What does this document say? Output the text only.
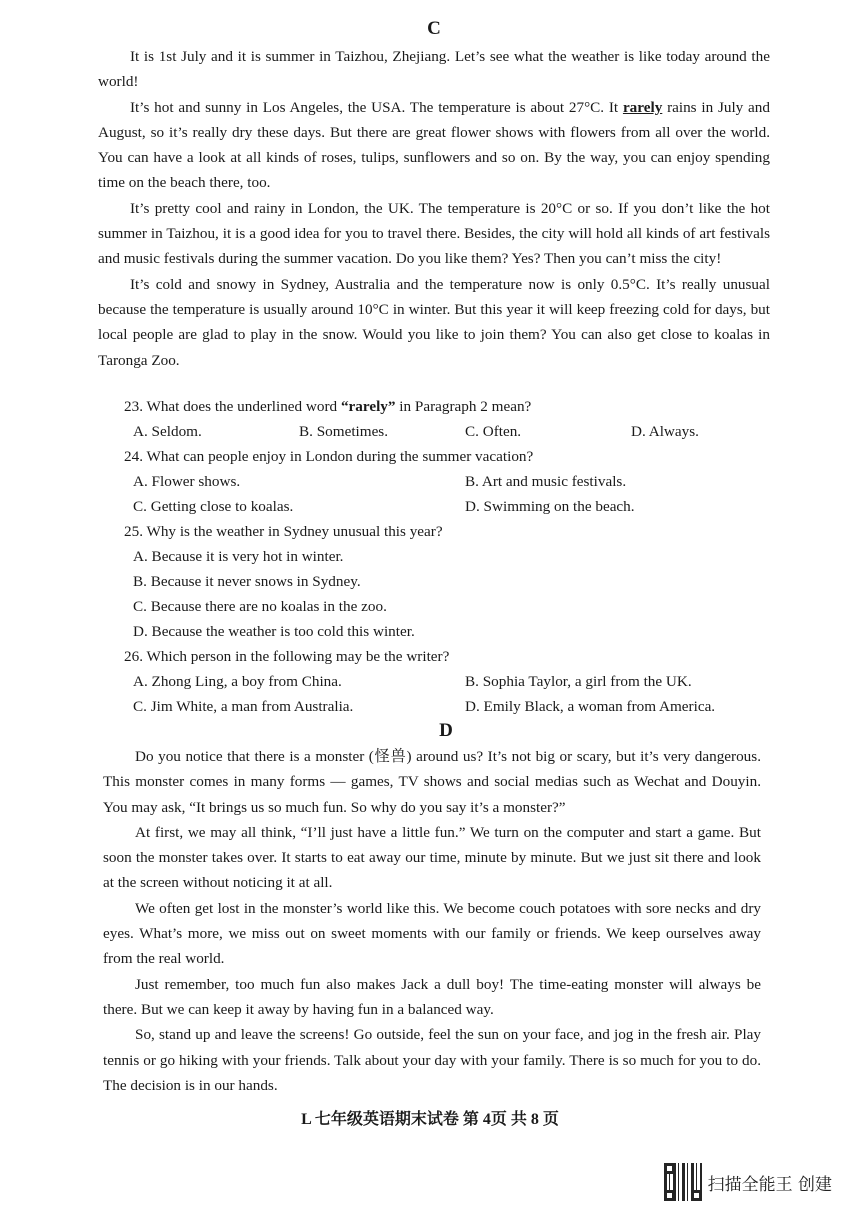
C

It is 1st July and it is summer in Taizhou, Zhejiang. Let’s see what the weather is like today around the world!

It’s hot and sunny in Los Angeles, the USA. The temperature is about 27°C. It rarely rains in July and August, so it’s really dry these days. But there are great flower shows with flowers from all over the world. You can have a look at all kinds of roses, tulips, sunflowers and so on. By the way, you can enjoy spending time on the beach there, too.

It’s pretty cool and rainy in London, the UK. The temperature is 20°C or so. If you don’t like the hot summer in Taizhou, it is a good idea for you to travel there. Besides, the city will hold all kinds of art festivals and music festivals during the summer vacation. Do you like them? Yes? Then you can’t miss the city!

It’s cold and snowy in Sydney, Australia and the temperature now is only 0.5°C. It’s really unusual because the temperature is usually around 10°C in winter. But this year it will keep freezing cold for days, but local people are glad to play in the snow. Would you like to join them? You can also get close to koalas in Taronga Zoo.

23. What does the underlined word “rarely” in Paragraph 2 mean?

A. Seldom.	B. Sometimes.	C. Often.	D. Always.

24. What can people enjoy in London during the summer vacation?

A. Flower shows.	B. Art and music festivals.
C. Getting close to koalas.	D. Swimming on the beach.

25. Why is the weather in Sydney unusual this year?

A. Because it is very hot in winter.
B. Because it never snows in Sydney.
C. Because there are no koalas in the zoo.
D. Because the weather is too cold this winter.

26. Which person in the following may be the writer?

A. Zhong Ling, a boy from China.	B. Sophia Taylor, a girl from the UK.
C. Jim White, a man from Australia.	D. Emily Black, a woman from America.
D

Do you notice that there is a monster (怪兽) around us? It’s not big or scary, but it’s very dangerous. This monster comes in many forms — games, TV shows and social medias such as Wechat and Douyin. You may ask, “It brings us so much fun. So why do you say it’s a monster?”

At first, we may all think, “I’ll just have a little fun.” We turn on the computer and start a game. But soon the monster takes over. It starts to eat away our time, minute by minute. But we just sit there and look at the screen without noticing it at all.

We often get lost in the monster’s world like this. We become couch potatoes with sore necks and dry eyes. What’s more, we miss out on sweet moments with our family or friends. We keep ourselves away from the real world.

Just remember, too much fun also makes Jack a dull boy! The time-eating monster will always be there. But we can keep it away by having fun in a balanced way.

So, stand up and leave the screens! Go outside, feel the sun on your face, and jog in the fresh air. Play tennis or go hiking with your friends. Talk about your day with your family. There is so much for you to do. The decision is in our hands.

L 七年级英语期末试卷 第 4页 共 8 页
扫描全能王 创建
